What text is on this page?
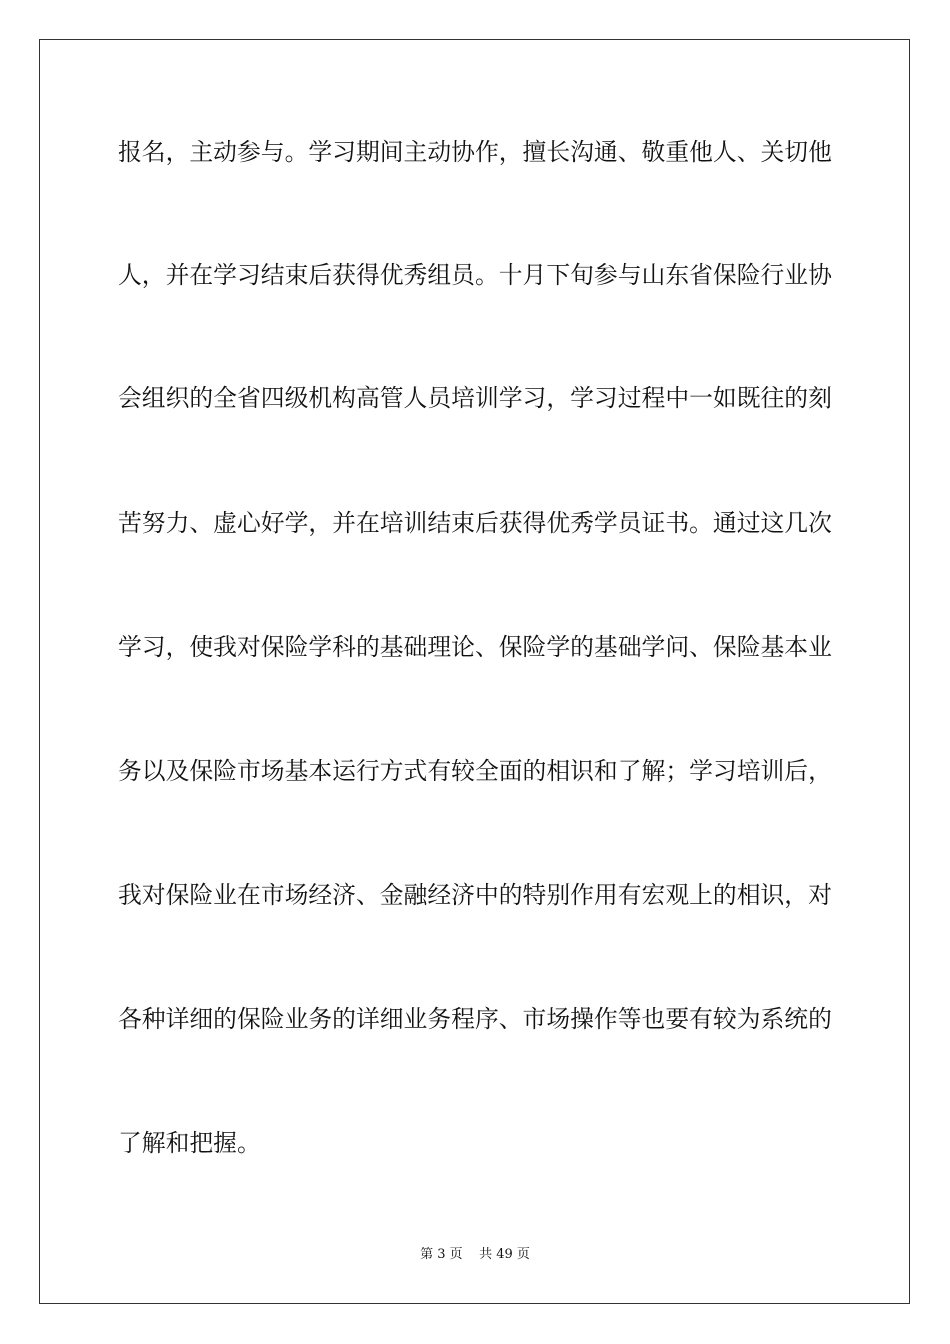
报名，主动参与。学习期间主动协作，擅长沟通、敬重他人、关切他
人，并在学习结束后获得优秀组员。十月下旬参与山东省保险行业协
会组织的全省四级机构高管人员培训学习，学习过程中一如既往的刻
苦努力、虚心好学，并在培训结束后获得优秀学员证书。通过这几次
学习，使我对保险学科的基础理论、保险学的基础学问、保险基本业
务以及保险市场基本运行方式有较全面的相识和了解；学习培训后，
我对保险业在市场经济、金融经济中的特别作用有宏观上的相识，对
各种详细的保险业务的详细业务程序、市场操作等也要有较为系统的
了解和把握。
第 3 页    共 49 页
